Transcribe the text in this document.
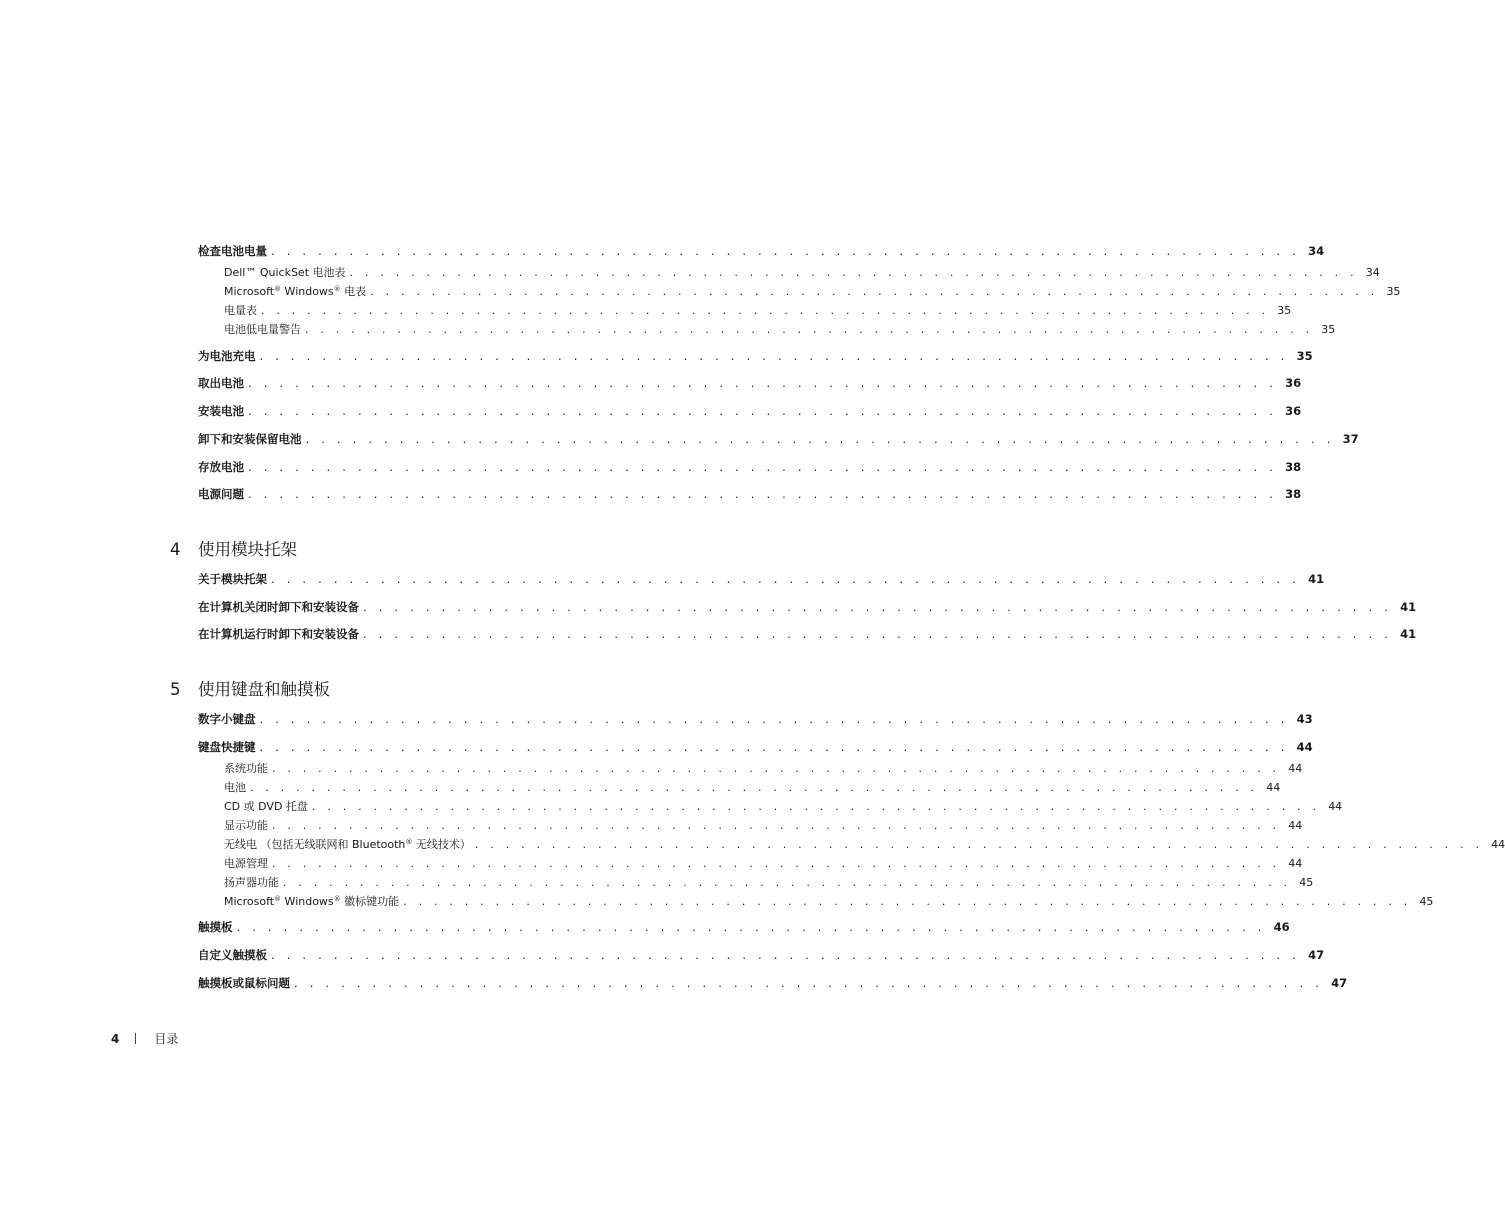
检查电池电量 . . . . . . . . . . . . . . . . . . . . . . . . . . . . . . . . . . . . . . . . . . . . . . . . . . . . . . . . . . . . . . . . . . 34
Dell™ QuickSet 电池表 . . . . . . . . . . . . . . . . . . . . . . . . . . . . . . . . . . . . . . . . . . . . . . . . . . . . . . . . . . . . . . . . . . 34
Microsoft® Windows® 电表 . . . . . . . . . . . . . . . . . . . . . . . . . . . . . . . . . . . . . . . . . . . . . . . . . . . . . . . . . . . . . . . . . . 35
电量表 . . . . . . . . . . . . . . . . . . . . . . . . . . . . . . . . . . . . . . . . . . . . . . . . . . . . . . . . . . . . . . . . . . 35
电池低电量警告 . . . . . . . . . . . . . . . . . . . . . . . . . . . . . . . . . . . . . . . . . . . . . . . . . . . . . . . . . . . . . . . . . . 35
为电池充电 . . . . . . . . . . . . . . . . . . . . . . . . . . . . . . . . . . . . . . . . . . . . . . . . . . . . . . . . . . . . . . . . . . 35
取出电池 . . . . . . . . . . . . . . . . . . . . . . . . . . . . . . . . . . . . . . . . . . . . . . . . . . . . . . . . . . . . . . . . . . 36
安装电池 . . . . . . . . . . . . . . . . . . . . . . . . . . . . . . . . . . . . . . . . . . . . . . . . . . . . . . . . . . . . . . . . . . 36
卸下和安装保留电池 . . . . . . . . . . . . . . . . . . . . . . . . . . . . . . . . . . . . . . . . . . . . . . . . . . . . . . . . . . . . . . . . . . 37
存放电池 . . . . . . . . . . . . . . . . . . . . . . . . . . . . . . . . . . . . . . . . . . . . . . . . . . . . . . . . . . . . . . . . . . 38
电源问题 . . . . . . . . . . . . . . . . . . . . . . . . . . . . . . . . . . . . . . . . . . . . . . . . . . . . . . . . . . . . . . . . . . 38
4 使用模块托架
关于模块托架 . . . . . . . . . . . . . . . . . . . . . . . . . . . . . . . . . . . . . . . . . . . . . . . . . . . . . . . . . . . . . . . . . . 41
在计算机关闭时卸下和安装设备 . . . . . . . . . . . . . . . . . . . . . . . . . . . . . . . . . . . . . . . . . . . . . . . . . . . . . . . . . . . . . . . . . . 41
在计算机运行时卸下和安装设备 . . . . . . . . . . . . . . . . . . . . . . . . . . . . . . . . . . . . . . . . . . . . . . . . . . . . . . . . . . . . . . . . . . 41
5 使用键盘和触摸板
数字小键盘 . . . . . . . . . . . . . . . . . . . . . . . . . . . . . . . . . . . . . . . . . . . . . . . . . . . . . . . . . . . . . . . . . . 43
键盘快捷键 . . . . . . . . . . . . . . . . . . . . . . . . . . . . . . . . . . . . . . . . . . . . . . . . . . . . . . . . . . . . . . . . . . 44
系统功能 . . . . . . . . . . . . . . . . . . . . . . . . . . . . . . . . . . . . . . . . . . . . . . . . . . . . . . . . . . . . . . . . . . 44
电池 . . . . . . . . . . . . . . . . . . . . . . . . . . . . . . . . . . . . . . . . . . . . . . . . . . . . . . . . . . . . . . . . . . 44
CD 或 DVD 托盘 . . . . . . . . . . . . . . . . . . . . . . . . . . . . . . . . . . . . . . . . . . . . . . . . . . . . . . . . . . . . . . . . . . 44
显示功能 . . . . . . . . . . . . . . . . . . . . . . . . . . . . . . . . . . . . . . . . . . . . . . . . . . . . . . . . . . . . . . . . . . 44
无线电 （包括无线联网和 Bluetooth® 无线技术） . . . . . . . . . . . . . . . . . . . . . . . . . . . . . . . . . . . . . . . . . . . . . . . . . . . . . . . . . . . . . . . . . . 44
电源管理 . . . . . . . . . . . . . . . . . . . . . . . . . . . . . . . . . . . . . . . . . . . . . . . . . . . . . . . . . . . . . . . . . . 44
扬声器功能 . . . . . . . . . . . . . . . . . . . . . . . . . . . . . . . . . . . . . . . . . . . . . . . . . . . . . . . . . . . . . . . . . . 45
Microsoft® Windows® 徽标键功能 . . . . . . . . . . . . . . . . . . . . . . . . . . . . . . . . . . . . . . . . . . . . . . . . . . . . . . . . . . . . . . . . . . 45
触摸板 . . . . . . . . . . . . . . . . . . . . . . . . . . . . . . . . . . . . . . . . . . . . . . . . . . . . . . . . . . . . . . . . . . 46
自定义触摸板 . . . . . . . . . . . . . . . . . . . . . . . . . . . . . . . . . . . . . . . . . . . . . . . . . . . . . . . . . . . . . . . . . . 47
触摸板或鼠标问题 . . . . . . . . . . . . . . . . . . . . . . . . . . . . . . . . . . . . . . . . . . . . . . . . . . . . . . . . . . . . . . . . . . 47
4	目录
